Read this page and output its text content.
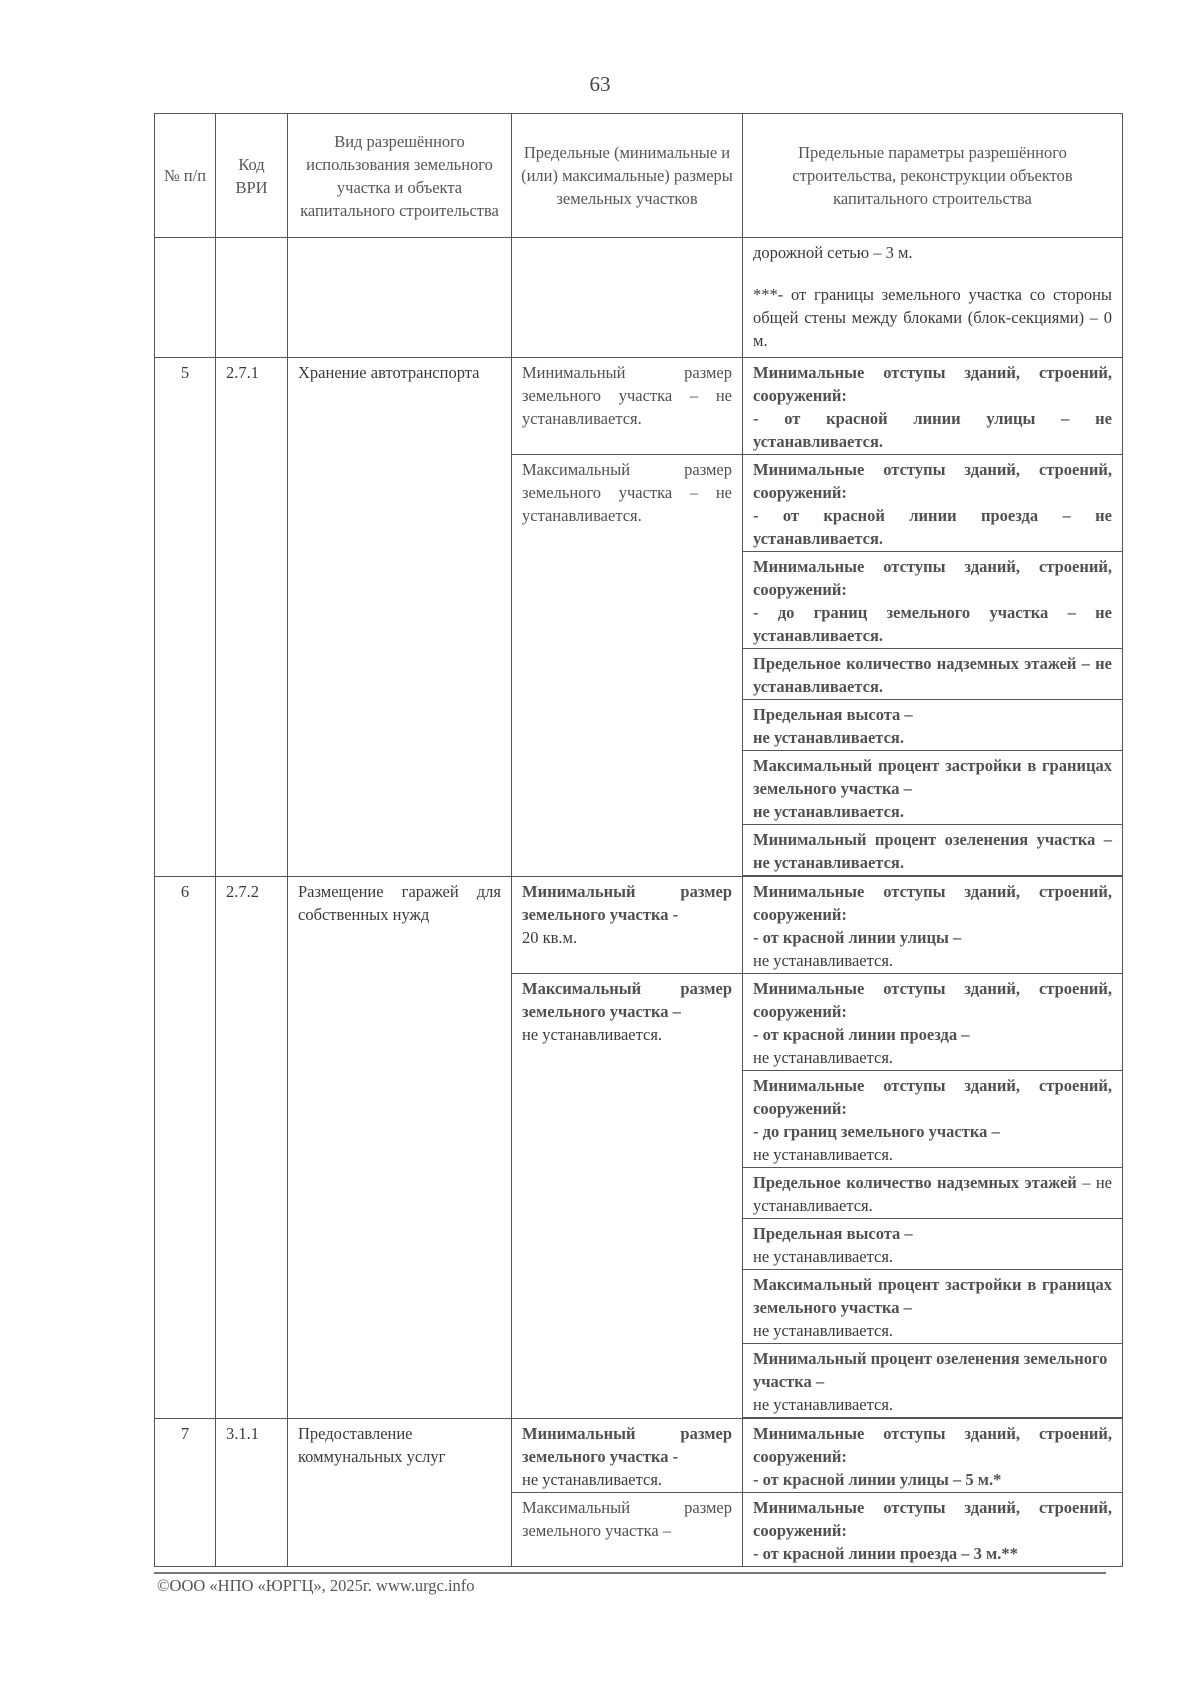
63
№ п/п	Код ВРИ	Вид разрешённого использования земельного участка и объекта капитального строительства	Предельные (минимальные и (или) максимальные) размеры земельных участков	Предельные параметры разрешённого строительства, реконструкции объектов капитального строительства

				дорожной сетью – 3 м.
***- от границы земельного участка со стороны общей стены между блоками (блок-секциями) – 0 м.

5	2.7.1	Хранение автотранспорта	Минимальный размер земельного участка – не устанавливается.	Минимальные отступы зданий, строений, сооружений:
- от красной линии улицы – не устанавливается.

			Максимальный размер земельного участка – не устанавливается.	Минимальные отступы зданий, строений, сооружений:
- от красной линии проезда – не устанавливается.

				Минимальные отступы зданий, строений, сооружений:
- до границ земельного участка – не устанавливается.

				Предельное количество надземных этажей – не устанавливается.

				Предельная высота –
не устанавливается.

				Максимальный процент застройки в границах земельного участка –
не устанавливается.

				Минимальный процент озеленения участка – не устанавливается.

6	2.7.2	Размещение гаражей для собственных нужд	Минимальный размер земельного участка -
20 кв.м.	Минимальные отступы зданий, строений, сооружений:
- от красной линии улицы –
не устанавливается.

			Максимальный размер земельного участка –
не устанавливается.	Минимальные отступы зданий, строений, сооружений:
- от красной линии проезда –
не устанавливается.

				Минимальные отступы зданий, строений, сооружений:
- до границ земельного участка –
не устанавливается.

				Предельное количество надземных этажей – не устанавливается.

				Предельная высота –
не устанавливается.

				Максимальный процент застройки в границах земельного участка –
не устанавливается.

				Минимальный процент озеленения земельного участка –
не устанавливается.

7	3.1.1	Предоставление коммунальных услуг	Минимальный размер земельного участка -
не устанавливается.	Минимальные отступы зданий, строений, сооружений:
- от красной линии улицы – 5 м.*

			Максимальный размер земельного участка –	Минимальные отступы зданий, строений, сооружений:
- от красной линии проезда – 3 м.**
©ООО «НПО «ЮРГЦ», 2025г. www.urgc.info
